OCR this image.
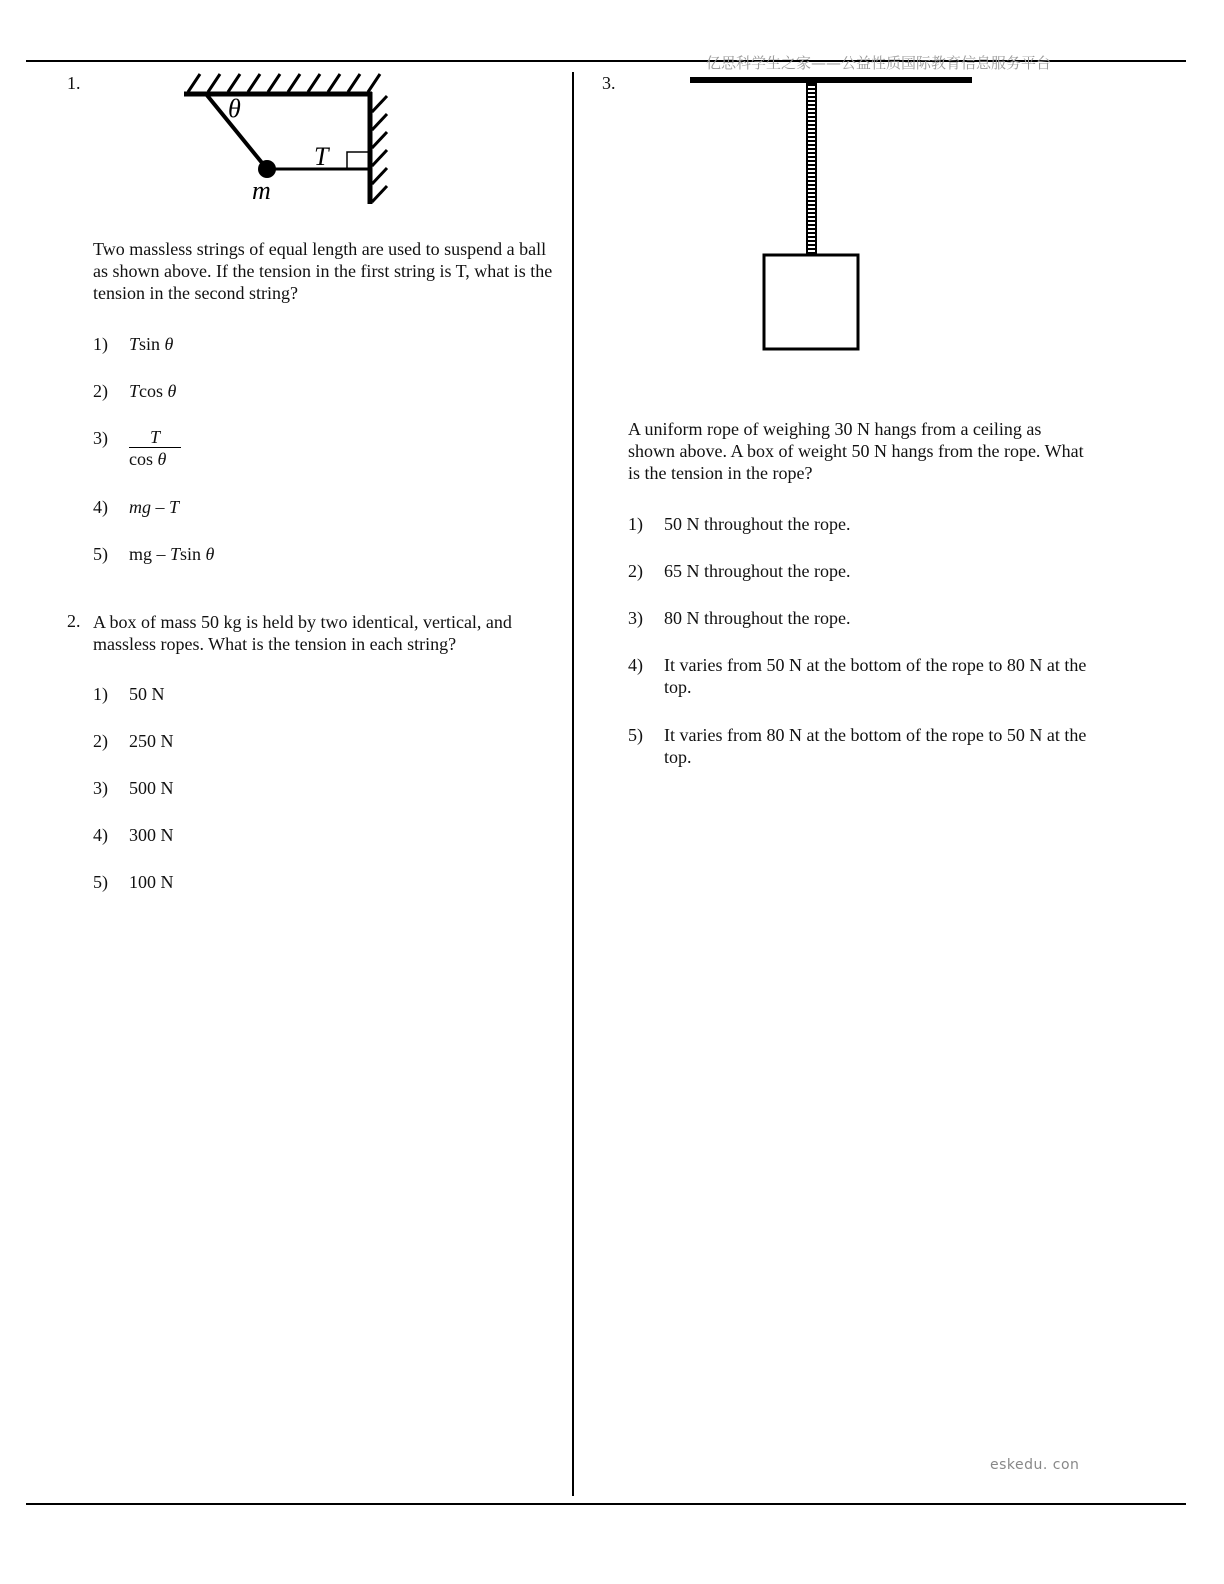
亿思科学生之家——公益性质国际教育信息服务平台
eskedu. con
1.
θ
T
m
Two massless strings of equal length are used to suspend a ball as shown above. If the tension in the first string is T, what is the tension in the second string?
1) Tsin θ
2) Tcos θ
$3) \frac{T}{\text{cos θ}}$
4) mg – T
5) mg – Tsin θ
2. A box of mass 50 kg is held by two identical, vertical, and massless ropes. What is the tension in each string?
1) 50 N
2) 250 N
3) 500 N
4) 300 N
5) 100 N
3.
A uniform rope of weighing 30 N hangs from a ceiling as shown above. A box of weight 50 N hangs from the rope. What is the tension in the rope?
1) 50 N throughout the rope.
2) 65 N throughout the rope.
3) 80 N throughout the rope.
4) It varies from 50 N at the bottom of the rope to 80 N at the top.
5) It varies from 80 N at the bottom of the rope to 50 N at the top.
